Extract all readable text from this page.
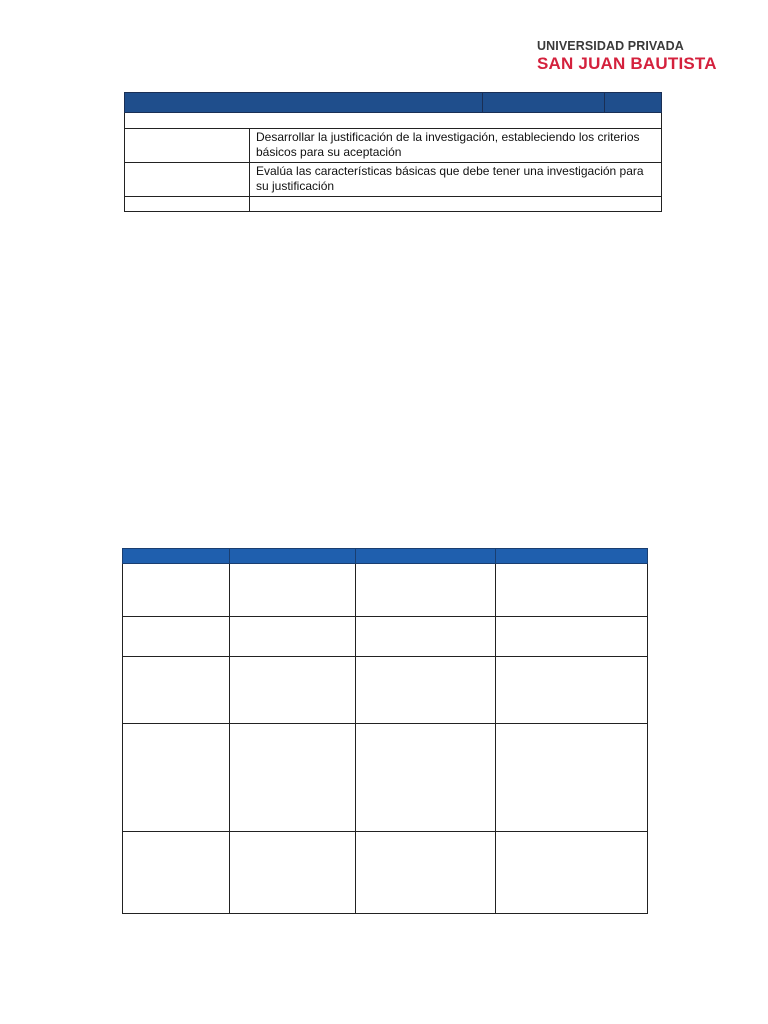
UNIVERSIDAD PRIVADA
SAN JUAN BAUTISTA

	Desarrollar la justificación de la investigación, estableciendo los criterios básicos para su aceptación		
	Evalúa las características básicas que debe tener una investigación para su justificación		
